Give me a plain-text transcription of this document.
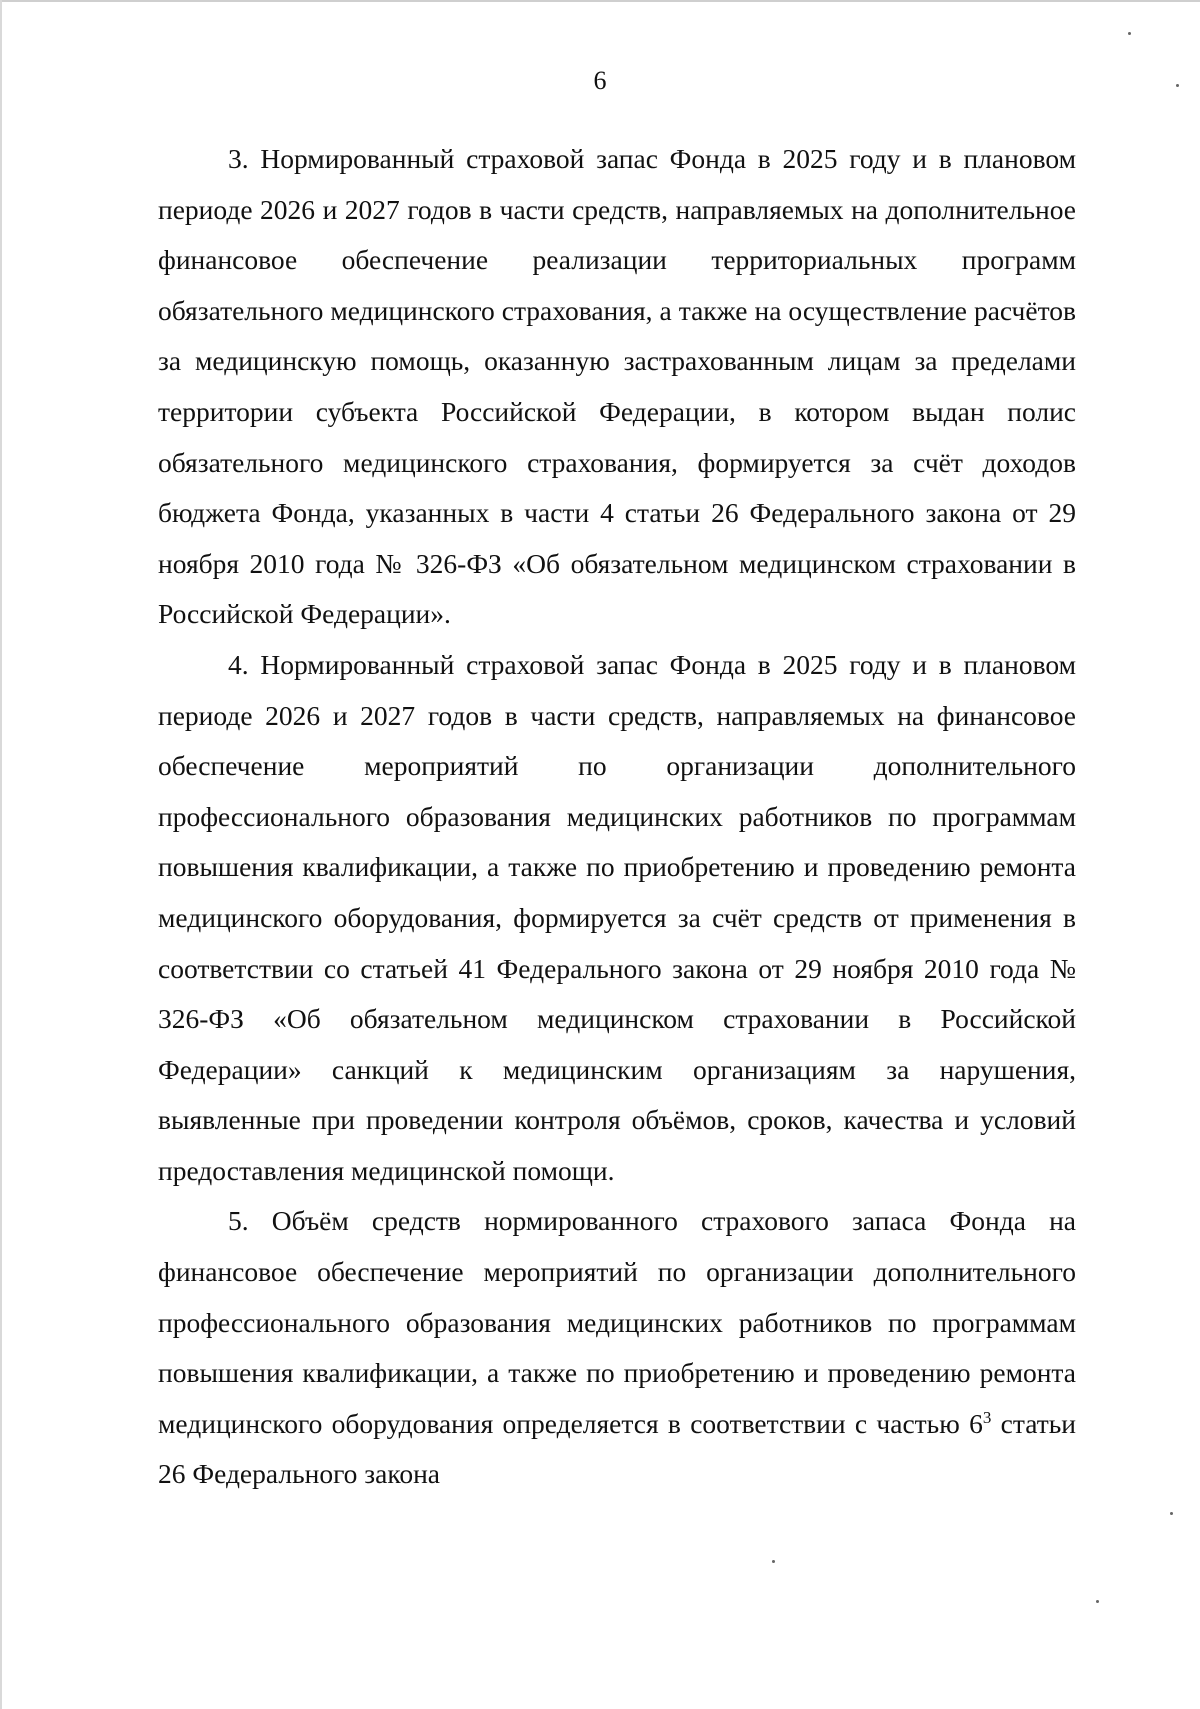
6

3. Нормированный страховой запас Фонда в 2025 году и в плановом периоде 2026 и 2027 годов в части средств, направляемых на дополнительное финансовое обеспечение реализации территориальных программ обязательного медицинского страхования, а также на осуществление расчётов за медицинскую помощь, оказанную застрахованным лицам за пределами территории субъекта Российской Федерации, в котором выдан полис обязательного медицинского страхования, формируется за счёт доходов бюджета Фонда, указанных в части 4 статьи 26 Федерального закона от 29 ноября 2010 года № 326-ФЗ «Об обязательном медицинском страховании в Российской Федерации».

4. Нормированный страховой запас Фонда в 2025 году и в плановом периоде 2026 и 2027 годов в части средств, направляемых на финансовое обеспечение мероприятий по организации дополнительного профессионального образования медицинских работников по программам повышения квалификации, а также по приобретению и проведению ремонта медицинского оборудования, формируется за счёт средств от применения в соответствии со статьей 41 Федерального закона от 29 ноября 2010 года № 326-ФЗ «Об обязательном медицинском страховании в Российской Федерации» санкций к медицинским организациям за нарушения, выявленные при проведении контроля объёмов, сроков, качества и условий предоставления медицинской помощи.

5. Объём средств нормированного страхового запаса Фонда на финансовое обеспечение мероприятий по организации дополнительного профессионального образования медицинских работников по программам повышения квалификации, а также по приобретению и проведению ремонта медицинского оборудования определяется в соответствии с частью $6^3$ статьи 26 Федерального закона
